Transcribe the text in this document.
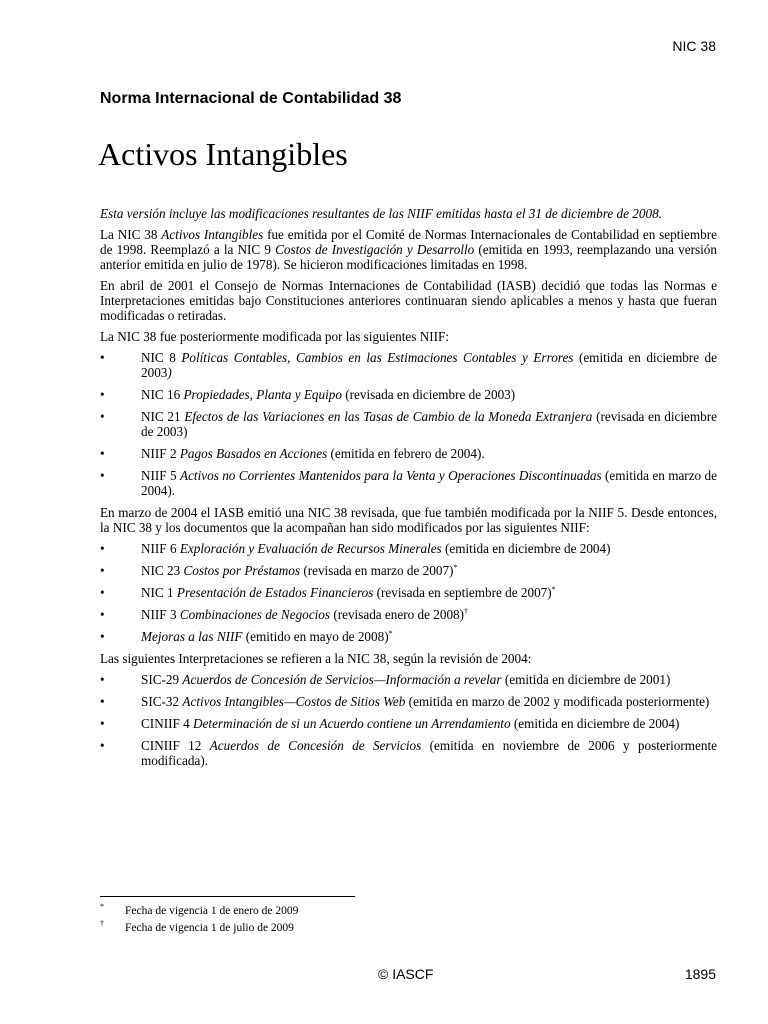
NIC 38
Norma Internacional de Contabilidad 38
Activos Intangibles

Esta versión incluye las modificaciones resultantes de las NIIF emitidas hasta el 31 de diciembre de 2008.

La NIC 38 Activos Intangibles fue emitida por el Comité de Normas Internacionales de Contabilidad en septiembre de 1998. Reemplazó a la NIC 9 Costos de Investigación y Desarrollo (emitida en 1993, reemplazando una versión anterior emitida en julio de 1978). Se hicieron modificaciones limitadas en 1998.

En abril de 2001 el Consejo de Normas Internaciones de Contabilidad (IASB) decidió que todas las Normas e Interpretaciones emitidas bajo Constituciones anteriores continuaran siendo aplicables a menos y hasta que fueran modificadas o retiradas.

La NIC 38 fue posteriormente modificada por las siguientes NIIF:

•	NIC 8 Políticas Contables, Cambios en las Estimaciones Contables y Errores (emitida en diciembre de 2003)
•	NIC 16 Propiedades, Planta y Equipo (revisada en diciembre de 2003)
•	NIC 21 Efectos de las Variaciones en las Tasas de Cambio de la Moneda Extranjera (revisada en diciembre de 2003)
•	NIIF 2 Pagos Basados en Acciones (emitida en febrero de 2004).
•	NIIF 5 Activos no Corrientes Mantenidos para la Venta y Operaciones Discontinuadas (emitida en marzo de 2004).

En marzo de 2004 el IASB emitió una NIC 38 revisada, que fue también modificada por la NIIF 5. Desde entonces, la NIC 38 y los documentos que la acompañan han sido modificados por las siguientes NIIF:

•	NIIF 6 Exploración y Evaluación de Recursos Minerales (emitida en diciembre de 2004)
•	NIC 23 Costos por Préstamos (revisada en marzo de 2007)*
•	NIC 1 Presentación de Estados Financieros (revisada en septiembre de 2007)*
•	NIIF 3 Combinaciones de Negocios (revisada enero de 2008)†
•	Mejoras a las NIIF (emitido en mayo de 2008)*

Las siguientes Interpretaciones se refieren a la NIC 38, según la revisión de 2004:

•	SIC-29 Acuerdos de Concesión de Servicios—Información a revelar (emitida en diciembre de 2001)
•	SIC-32 Activos Intangibles—Costos de Sitios Web (emitida en marzo de 2002 y modificada posteriormente)
•	CINIIF 4 Determinación de si un Acuerdo contiene un Arrendamiento (emitida en diciembre de 2004)
•	CINIIF 12 Acuerdos de Concesión de Servicios (emitida en noviembre de 2006 y posteriormente modificada).
* Fecha de vigencia 1 de enero de 2009
† Fecha de vigencia 1 de julio de 2009
© IASCF	1895
